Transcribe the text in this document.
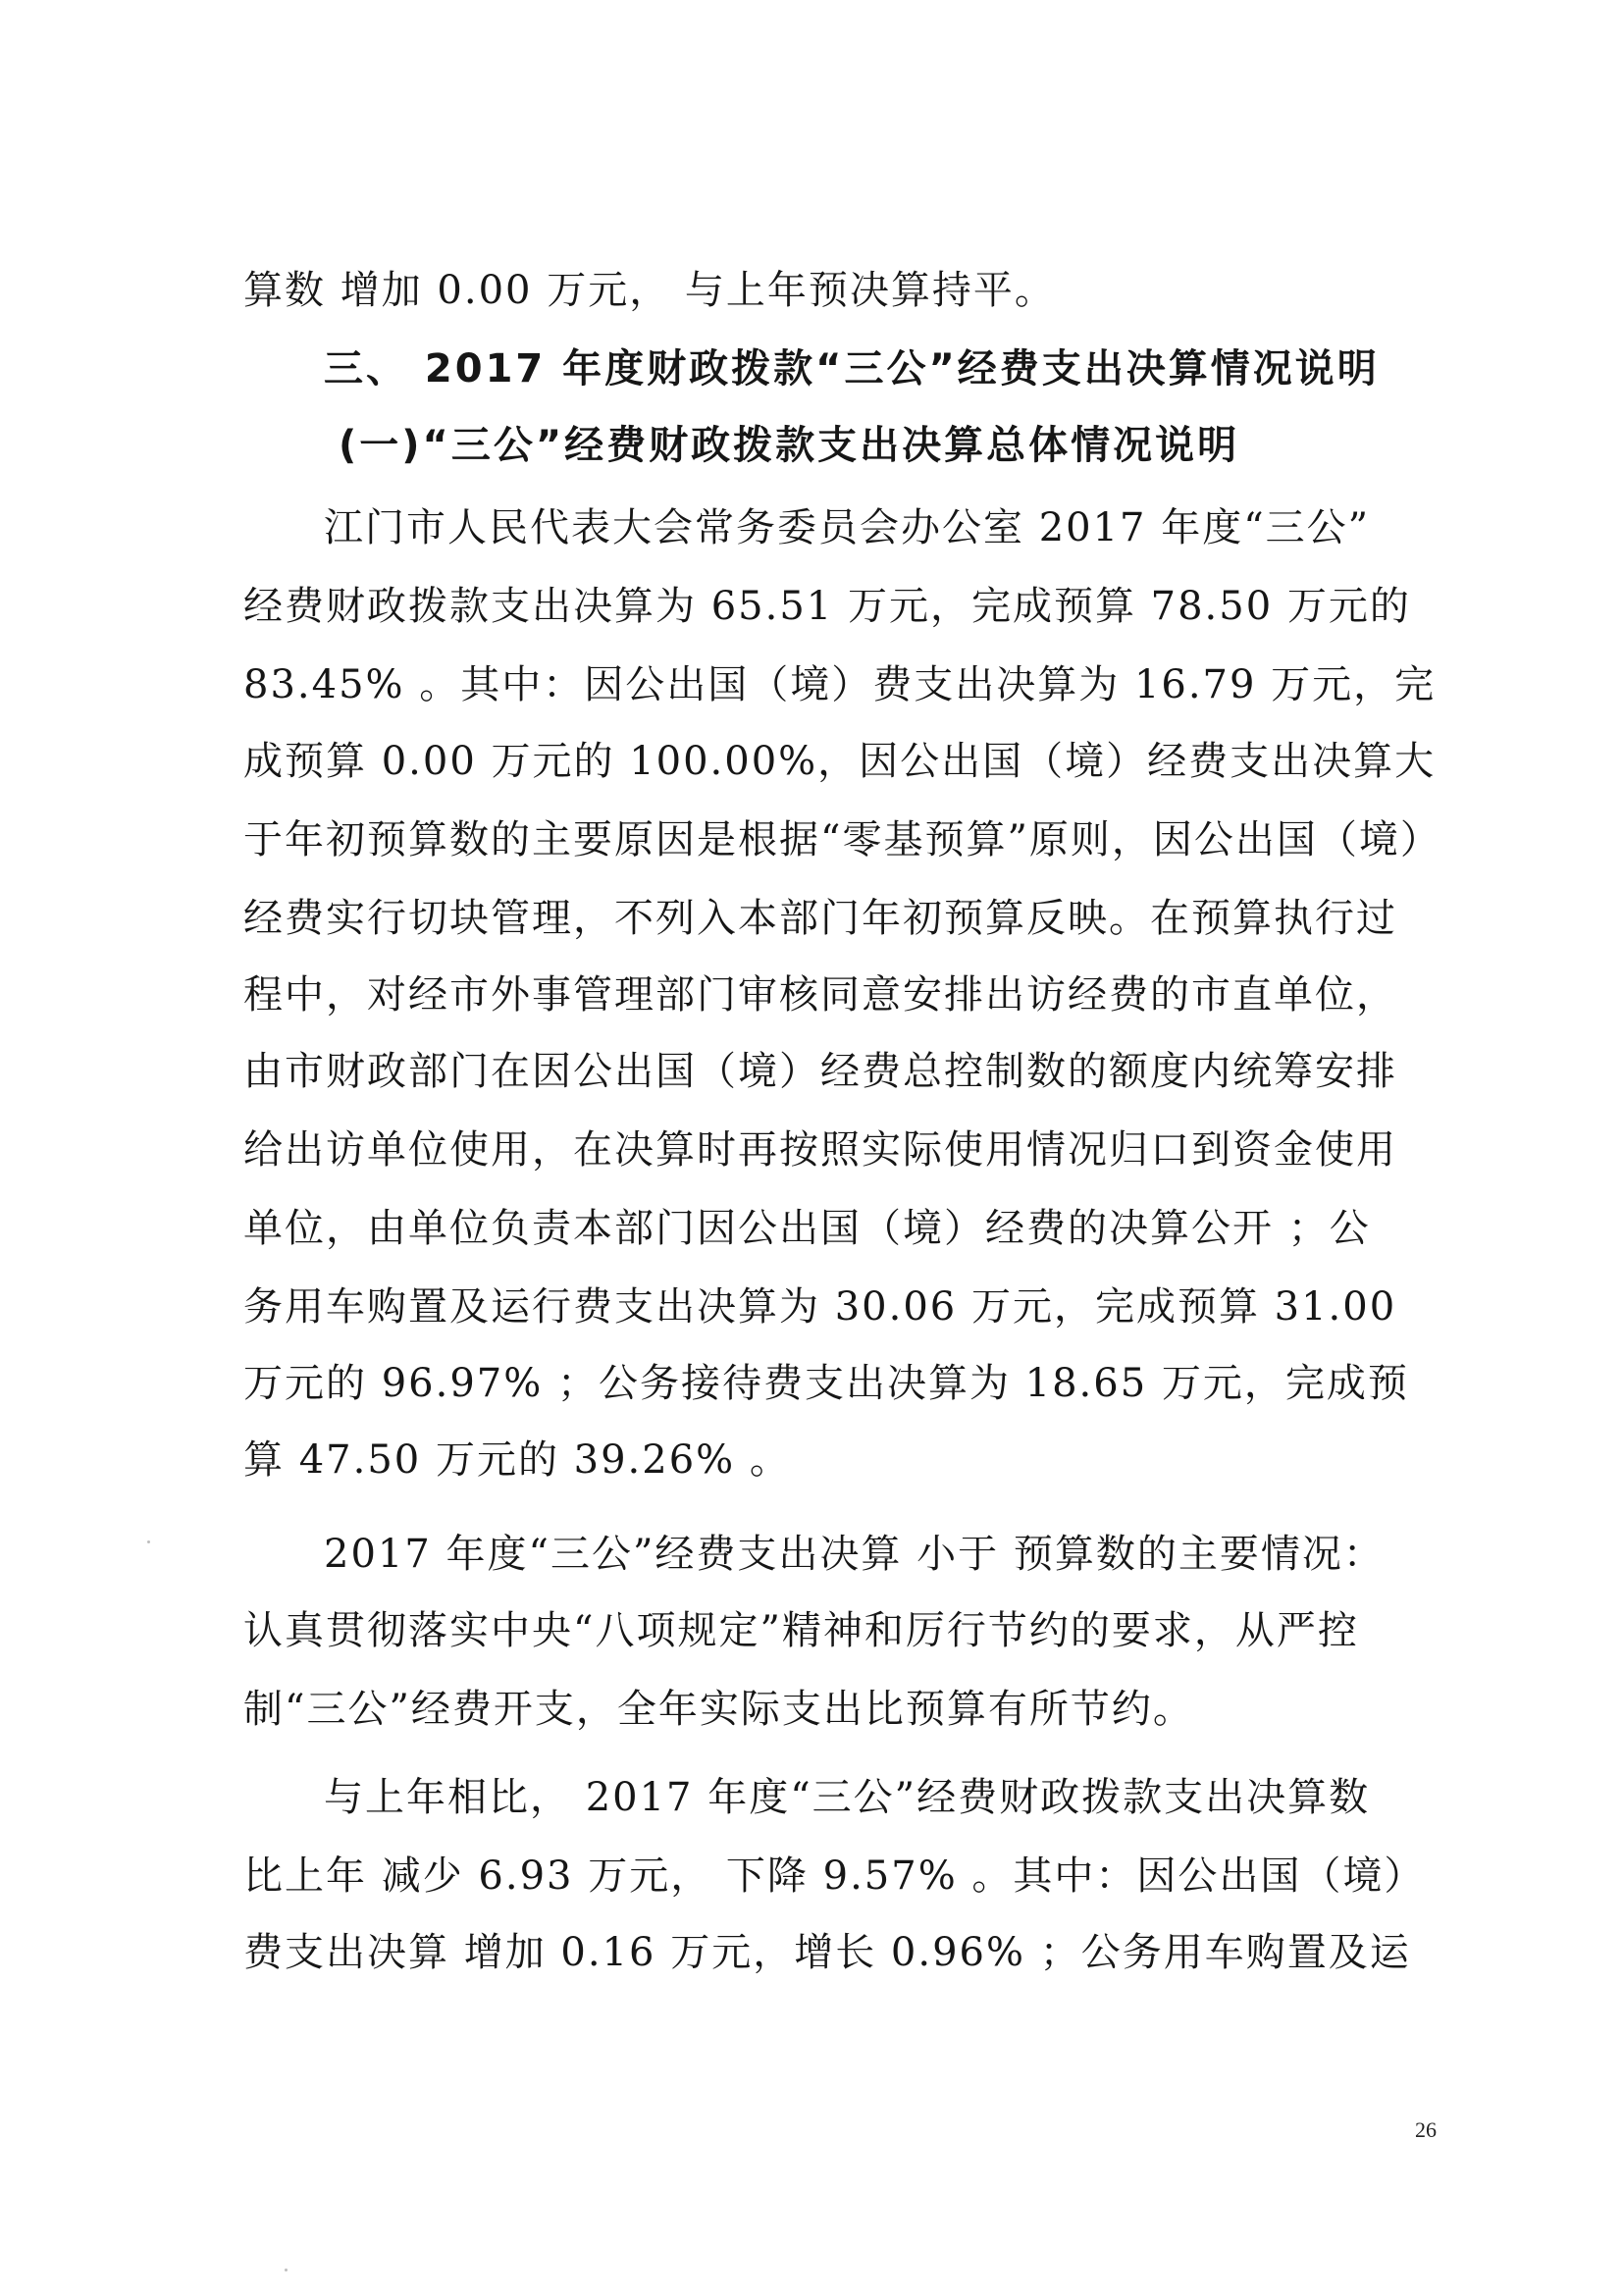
算数 增加 0.00 万元， 与上年预决算持平。
三、 2017 年度财政拨款“三公”经费支出决算情况说明
(一)“三公”经费财政拨款支出决算总体情况说明
江门市人民代表大会常务委员会办公室 2017 年度“三公”
经费财政拨款支出决算为 65.51 万元，完成预算 78.50 万元的
83.45% 。其中：因公出国（境）费支出决算为 16.79 万元，完
成预算 0.00 万元的 100.00%，因公出国（境）经费支出决算大
于年初预算数的主要原因是根据“零基预算”原则，因公出国（境）
经费实行切块管理，不列入本部门年初预算反映。在预算执行过
程中，对经市外事管理部门审核同意安排出访经费的市直单位，
由市财政部门在因公出国（境）经费总控制数的额度内统筹安排
给出访单位使用，在决算时再按照实际使用情况归口到资金使用
单位，由单位负责本部门因公出国（境）经费的决算公开 ；公
务用车购置及运行费支出决算为 30.06 万元，完成预算 31.00
万元的 96.97% ；公务接待费支出决算为 18.65 万元，完成预
算 47.50 万元的 39.26% 。
2017 年度“三公”经费支出决算 小于 预算数的主要情况：
认真贯彻落实中央“八项规定”精神和厉行节约的要求，从严控
制“三公”经费开支，全年实际支出比预算有所节约。
与上年相比， 2017 年度“三公”经费财政拨款支出决算数
比上年 减少 6.93 万元， 下降 9.57% 。其中：因公出国（境）
费支出决算 增加 0.16 万元，增长 0.96% ；公务用车购置及运
26
